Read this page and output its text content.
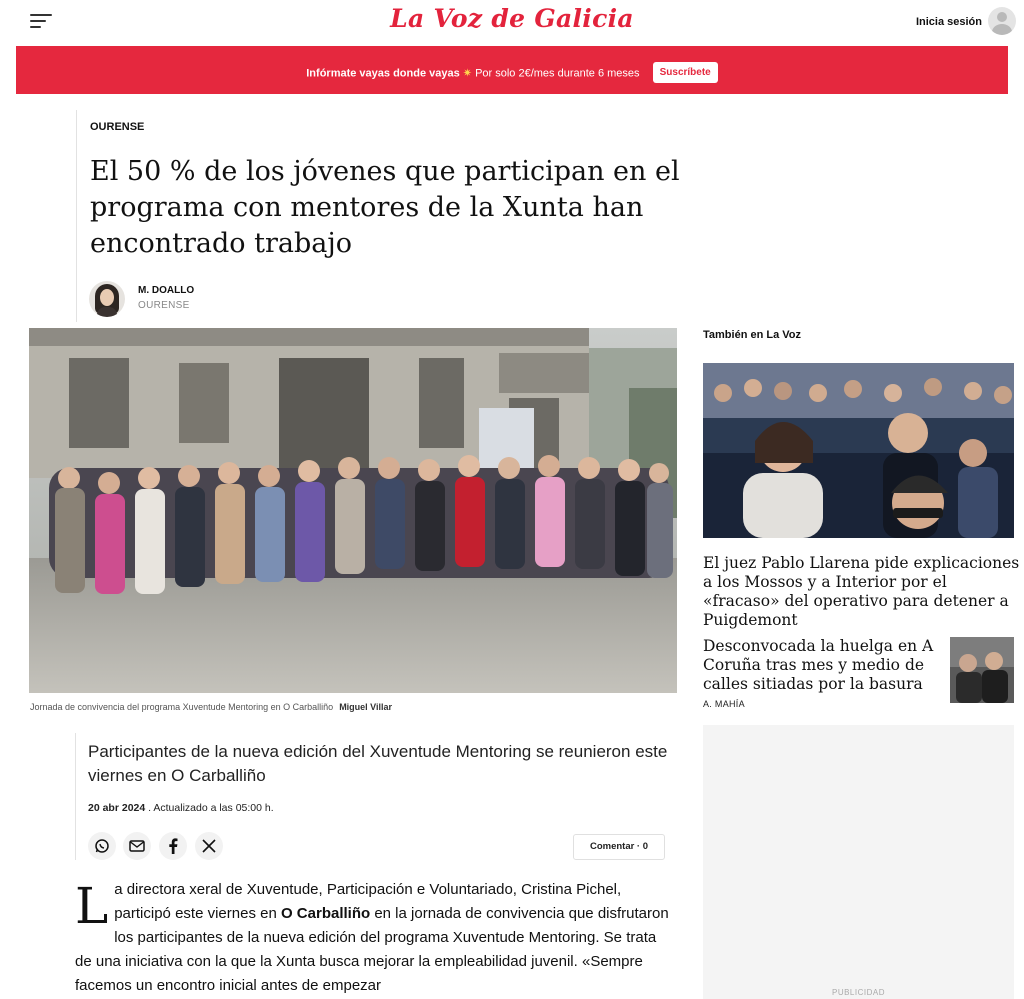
La Voz de Galicia	Inicia sesión
Infórmate vayas donde vayas ✷ Por solo 2€/mes durante 6 meses Suscríbete
OURENSE
El 50 % de los jóvenes que participan en el programa con mentores de la Xunta han encontrado trabajo
M. DOALLO
OURENSE
Jornada de convivencia del programa Xuventude Mentoring en O Carballiño Miguel Villar
Participantes de la nueva edición del Xuventude Mentoring se reunieron este viernes en O Carballiño
20 abr 2024 . Actualizado a las 05:00 h.
Comentar · 0
L a directora xeral de Xuventude, Participación e Voluntariado, Cristina Pichel, participó este viernes en O Carballiño en la jornada de convivencia que disfrutaron los participantes de la nueva edición del programa Xuventude Mentoring. Se trata de una iniciativa con la que la Xunta busca mejorar la empleabilidad juvenil. «Sempre facemos un encontro inicial antes de empezar

También en La Voz
El juez Pablo Llarena pide explicaciones a los Mossos y a Interior por el «fracaso» del operativo para detener a Puigdemont
Desconvocada la huelga en A Coruña tras mes y medio de calles sitiadas por la basura
A. MAHÍA
PUBLICIDAD
